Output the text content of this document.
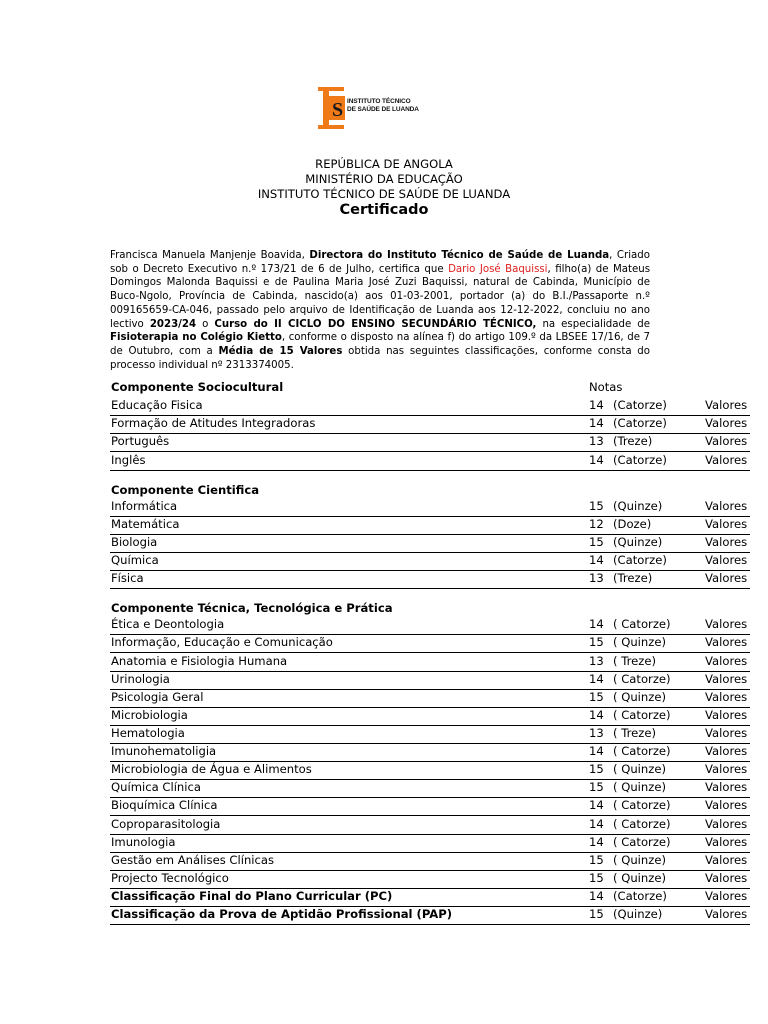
S INSTITUTO TÉCNICO
DE SAÚDE DE LUANDA
REPÚBLICA DE ANGOLA
MINISTÉRIO DA EDUCAÇÃO
INSTITUTO TÉCNICO DE SAÚDE DE LUANDA
Certificado
Francisca Manuela Manjenje Boavida, Directora do Instituto Técnico de Saúde de Luanda, Criado sob o Decreto Executivo n.º 173/21 de 6 de Julho, certifica que Dario José Baquissi, filho(a) de Mateus Domingos Malonda Baquissi e de Paulina Maria José Zuzi Baquissi, natural de Cabinda, Município de Buco-Ngolo, Província de Cabinda, nascido(a) aos 01-03-2001, portador (a) do B.I./Passaporte n.º 009165659-CA-046, passado pelo arquivo de Identificação de Luanda aos 12-12-2022, concluiu no ano lectivo 2023/24 o Curso do II CICLO DO ENSINO SECUNDÁRIO TÉCNICO, na especialidade de Fisioterapia no Colégio Kietto, conforme o disposto na alínea f) do artigo 109.º da LBSEE 17/16, de 7 de Outubro, com a Média de 15 Valores obtida nas seguintes classificações, conforme consta do processo individual nº 2313374005.
Componente Sociocultural	Notas
Educação Fisica	14 (Catorze)	Valores
Formação de Atitudes Integradoras	14 (Catorze)	Valores
Português	13 (Treze)	Valores
Inglês	14 (Catorze)	Valores
Componente Cientifica
Informática	15 (Quinze)	Valores
Matemática	12 (Doze)	Valores
Biologia	15 (Quinze)	Valores
Química	14 (Catorze)	Valores
Física	13 (Treze)	Valores
Componente Técnica, Tecnológica e Prática
Ética e Deontologia	14 ( Catorze)	Valores
Informação, Educação e Comunicação	15 ( Quinze)	Valores
Anatomia e Fisiologia Humana	13 ( Treze)	Valores
Urinologia	14 ( Catorze)	Valores
Psicologia Geral	15 ( Quinze)	Valores
Microbiologia	14 ( Catorze)	Valores
Hematologia	13 ( Treze)	Valores
Imunohematoligia	14 ( Catorze)	Valores
Microbiologia de Água e Alimentos	15 ( Quinze)	Valores
Química Clínica	15 ( Quinze)	Valores
Bioquímica Clínica	14 ( Catorze)	Valores
Coproparasitologia	14 ( Catorze)	Valores
Imunologia	14 ( Catorze)	Valores
Gestão em Análises Clínicas	15 ( Quinze)	Valores
Projecto Tecnológico	15 ( Quinze)	Valores
Classificação Final do Plano Curricular (PC)	14 (Catorze)	Valores
Classificação da Prova de Aptidão Profissional (PAP)	15 (Quinze)	Valores
